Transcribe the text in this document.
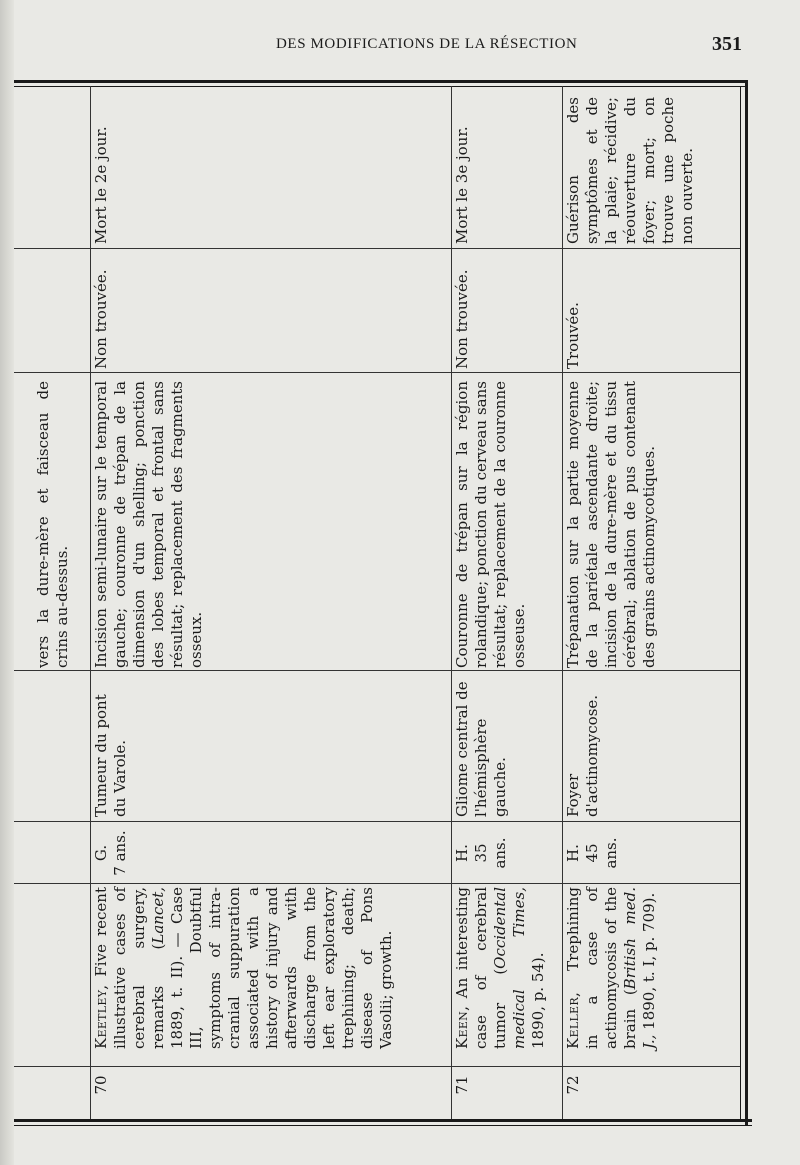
DES MODIFICATIONS DE LA RÉSECTION	351
vers la dure-mère et faisceau de crins au-dessus.
70
Keetley, Five recent illustrative cases of cerebral surgery, remarks (Lancet, 1889, t. II). — Case III, Doubtful symptoms of intra-cranial suppuration associated with a history of injury and afterwards with discharge from the left ear exploratory trephining; death; disease of Pons Vasolii; growth.
G. 7 ans.
Tumeur du pont du Varole.
Incision semi-lunaire sur le temporal gauche; couronne de trépan de la dimension d'un shelling; ponction des lobes temporal et frontal sans résultat; replacement des fragments osseux.
Non trouvée.
Mort le 2e jour.
71
Keen, An interesting case of cerebral tumor (Occidental medical Times, 1890, p. 54).
H. 35 ans.
Gliome central de l'hémisphère gauche.
Couronne de trépan sur la région rolandique; ponction du cerveau sans résultat; replacement de la couronne osseuse.
Non trouvée.
Mort le 3e jour.
72
Keller, Trephining in a case of actinomycosis of the brain (British med. J., 1890, t. I, p. 709).
H. 45 ans.
Foyer d'actinomycose.
Trépanation sur la partie moyenne de la pariétale ascendante droite; incision de la dure-mère et du tissu cérébral; ablation de pus contenant des grains actinomycotiques.
Trouvée.
Guérison des symptômes et de la plaie; récidive; réouverture du foyer; mort; on trouve une poche non ouverte.
